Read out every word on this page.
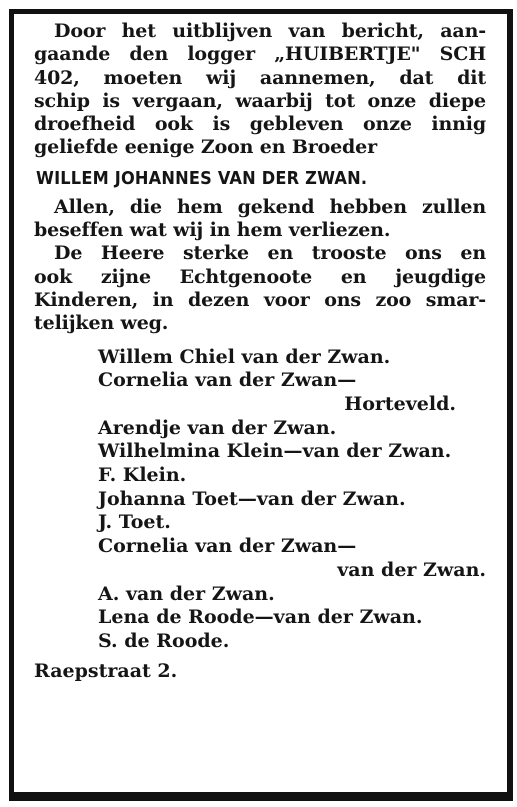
Door het uitblijven van bericht, aan-
gaande den logger „HUIBERTJE" SCH
402, moeten wij aannemen, dat dit
schip is vergaan, waarbij tot onze diepe
droefheid ook is gebleven onze innig
geliefde eenige Zoon en Broeder
WILLEM JOHANNES VAN DER ZWAN.
Allen, die hem gekend hebben zullen
beseffen wat wij in hem verliezen.
De Heere sterke en trooste ons en
ook zijne Echtgenoote en jeugdige
Kinderen, in dezen voor ons zoo smar-
telijken weg.
Willem Chiel van der Zwan.
Cornelia van der Zwan—
Horteveld.
Arendje van der Zwan.
Wilhelmina Klein—van der Zwan.
F. Klein.
Johanna Toet—van der Zwan.
J. Toet.
Cornelia van der Zwan—
van der Zwan.
A. van der Zwan.
Lena de Roode—van der Zwan.
S. de Roode.
Raepstraat 2.
